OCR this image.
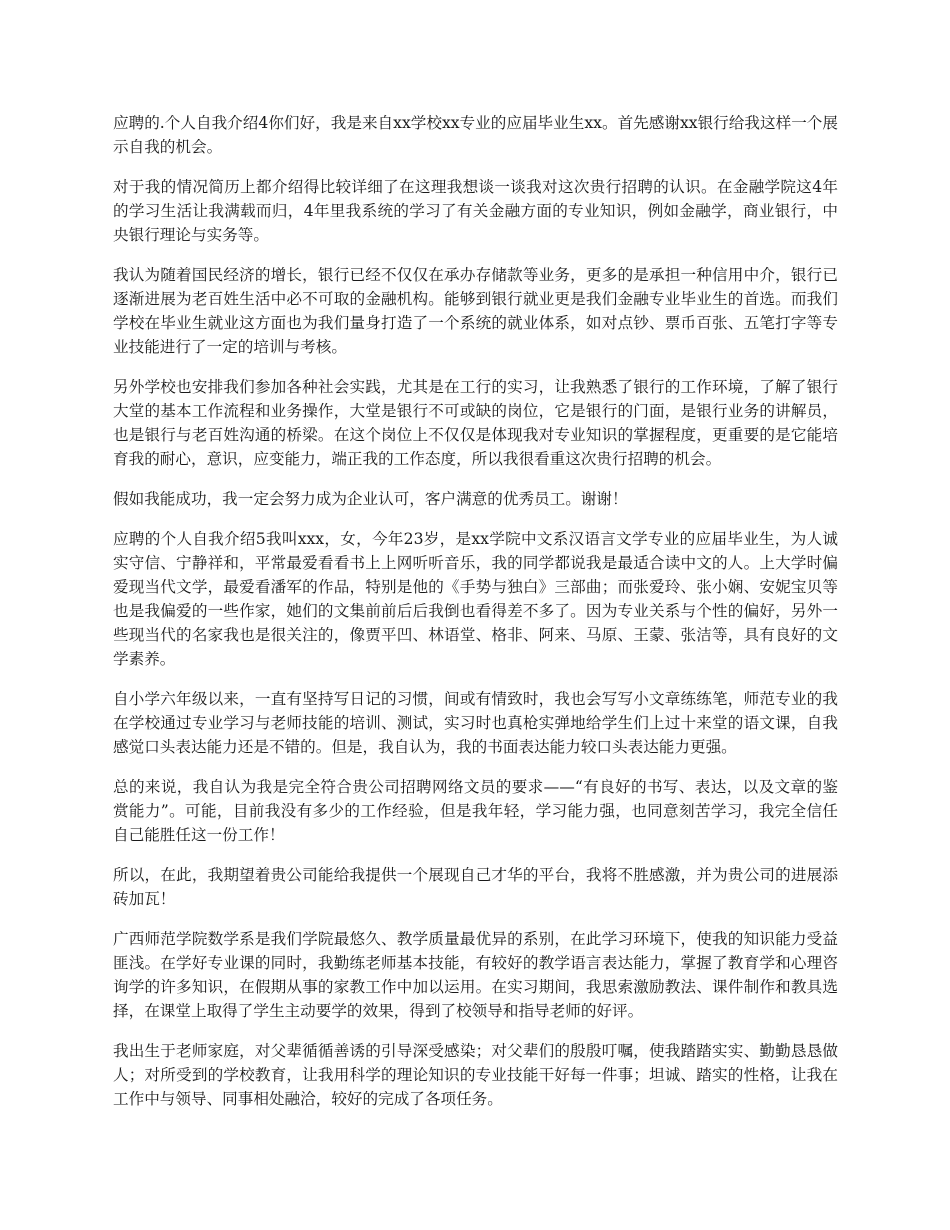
应聘的.个人自我介绍4你们好，我是来自xx学校xx专业的应届毕业生xx。首先感谢xx银行给我这样一个展示自我的机会。

对于我的情况简历上都介绍得比较详细了在这理我想谈一谈我对这次贵行招聘的认识。在金融学院这4年的学习生活让我满载而归，4年里我系统的学习了有关金融方面的专业知识，例如金融学，商业银行，中央银行理论与实务等。

我认为随着国民经济的增长，银行已经不仅仅在承办存储款等业务，更多的是承担一种信用中介，银行已逐渐进展为老百姓生活中必不可取的金融机构。能够到银行就业更是我们金融专业毕业生的首选。而我们学校在毕业生就业这方面也为我们量身打造了一个系统的就业体系，如对点钞、票币百张、五笔打字等专业技能进行了一定的培训与考核。

另外学校也安排我们参加各种社会实践，尤其是在工行的实习，让我熟悉了银行的工作环境，了解了银行大堂的基本工作流程和业务操作，大堂是银行不可或缺的岗位，它是银行的门面，是银行业务的讲解员，也是银行与老百姓沟通的桥梁。在这个岗位上不仅仅是体现我对专业知识的掌握程度，更重要的是它能培育我的耐心，意识，应变能力，端正我的工作态度，所以我很看重这次贵行招聘的机会。

假如我能成功，我一定会努力成为企业认可，客户满意的优秀员工。谢谢！

应聘的个人自我介绍5我叫xxx，女，今年23岁，是xx学院中文系汉语言文学专业的应届毕业生，为人诚实守信、宁静祥和，平常最爱看看书上上网听听音乐，我的同学都说我是最适合读中文的人。上大学时偏爱现当代文学，最爱看潘军的作品，特别是他的《手势与独白》三部曲；而张爱玲、张小娴、安妮宝贝等也是我偏爱的一些作家，她们的文集前前后后我倒也看得差不多了。因为专业关系与个性的偏好，另外一些现当代的名家我也是很关注的，像贾平凹、林语堂、格非、阿来、马原、王蒙、张洁等，具有良好的文学素养。

自小学六年级以来，一直有坚持写日记的习惯，间或有情致时，我也会写写小文章练练笔，师范专业的我在学校通过专业学习与老师技能的培训、测试，实习时也真枪实弹地给学生们上过十来堂的语文课，自我感觉口头表达能力还是不错的。但是，我自认为，我的书面表达能力较口头表达能力更强。

总的来说，我自认为我是完全符合贵公司招聘网络文员的要求——“有良好的书写、表达，以及文章的鉴赏能力”。可能，目前我没有多少的工作经验，但是我年轻，学习能力强，也同意刻苦学习，我完全信任自己能胜任这一份工作！

所以，在此，我期望着贵公司能给我提供一个展现自己才华的平台，我将不胜感激，并为贵公司的进展添砖加瓦！

广西师范学院数学系是我们学院最悠久、教学质量最优异的系别，在此学习环境下，使我的知识能力受益匪浅。在学好专业课的同时，我勤练老师基本技能，有较好的教学语言表达能力，掌握了教育学和心理咨询学的许多知识，在假期从事的家教工作中加以运用。在实习期间，我思索激励教法、课件制作和教具选择，在课堂上取得了学生主动要学的效果，得到了校领导和指导老师的好评。

我出生于老师家庭，对父辈循循善诱的引导深受感染；对父辈们的殷殷叮嘱，使我踏踏实实、勤勤恳恳做人；对所受到的学校教育，让我用科学的理论知识的专业技能干好每一件事；坦诚、踏实的性格，让我在工作中与领导、同事相处融洽，较好的完成了各项任务。
